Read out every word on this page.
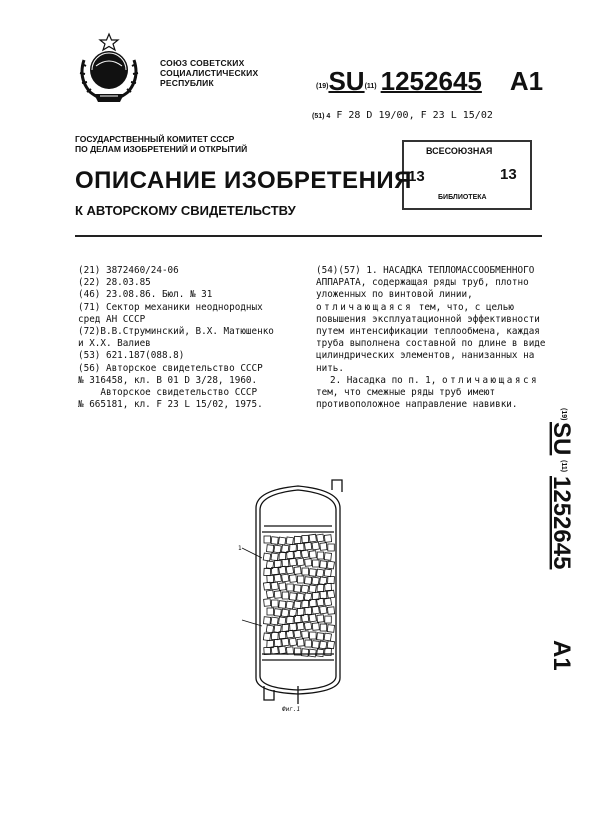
СОЮЗ СОВЕТСКИХ
СОЦИАЛИСТИЧЕСКИХ
РЕСПУБЛИК	(19)SU(11) 1252645 A1
(51) 4 F 28 D 19/00, F 23 L 15/02
ГОСУДАРСТВЕННЫЙ КОМИТЕТ СССР
ПО ДЕЛАМ ИЗОБРЕТЕНИЙ И ОТКРЫТИЙ	ВСЕСОЮЗНАЯ
13	13
БИБЛИОТЕКА
ОПИСАНИЕ ИЗОБРЕТЕНИЯ
К АВТОРСКОМУ СВИДЕТЕЛЬСТВУ
(21) 3872460/24-06
(22) 28.03.85
(46) 23.08.86. Бюл. № 31
(71) Сектор механики неоднородных
сред АН СССР
(72)В.В.Струминский, В.Х. Матюшенко
и Х.Х. Валиев
(53) 621.187(088.8)
(56) Авторское свидетельство СССР
№ 316458, кл. В 01 D 3/28, 1960.
Авторское свидетельство СССР
№ 665181, кл. F 23 L 15/02, 1975.

(54)(57) 1. НАСАДКА ТЕПЛОМАССООБМЕННОГО АППАРАТА, содержащая ряды труб, плотно уложенных по винтовой линии, отличающаяся тем, что, с целью повышения эксплуатационной эффективности путем интенсификации теплообмена, каждая труба выполнена составной по длине в виде цилиндрических элементов, нанизанных на нить.

2. Насадка по п. 1, отличающаяся тем, что смежные ряды труб имеют противоположное направление навивки.

(19)
SU
(11)
1252645
A1
1
Фиг.1
